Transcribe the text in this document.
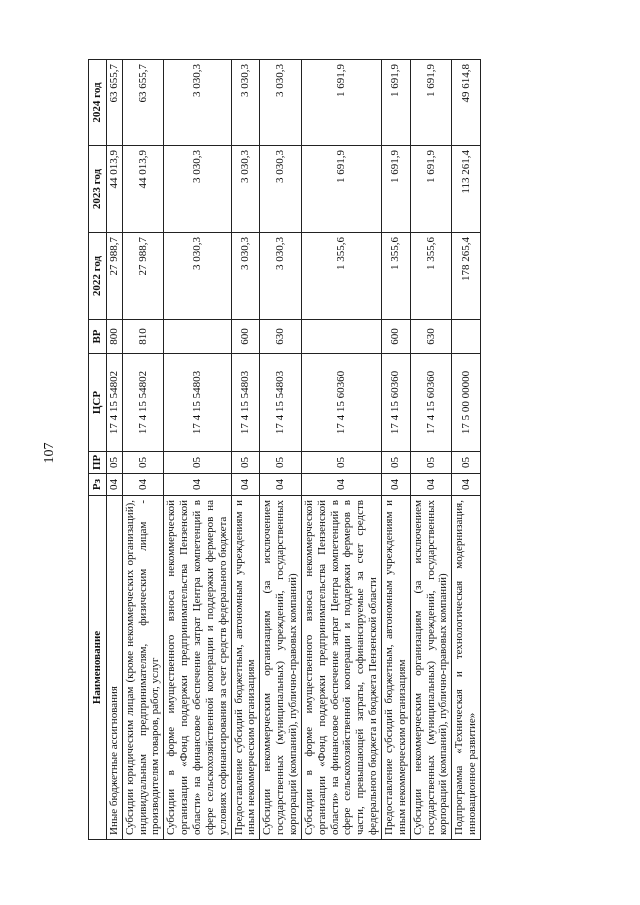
107
Наименование	Рз	ПР	ЦСР	ВР	2022 год	2023 год	2024 год
Иные бюджетные ассигнования	04	05	17 4 15 54802	800	27 988,7	44 013,9	63 655,7
Субсидии юридическим лицам (кроме некоммерческих организаций), индивидуальным предпринимателям, физическим лицам - производителям товаров, работ, услуг	04	05	17 4 15 54802	810	27 988,7	44 013,9	63 655,7
Субсидии в форме имущественного взноса некоммерческой организации «Фонд поддержки предпринимательства Пензенской области» на финансовое обеспечение затрат Центра компетенций в сфере сельскохозяйственной кооперации и поддержки фермеров на условиях софинансирования за счет средств федерального бюджета	04	05	17 4 15 54803		3 030,3	3 030,3	3 030,3
Предоставление субсидий бюджетным, автономным учреждениям и иным некоммерческим организациям	04	05	17 4 15 54803	600	3 030,3	3 030,3	3 030,3
Субсидии некоммерческим организациям (за исключением государственных (муниципальных) учреждений, государственных корпораций (компаний), публично-правовых компаний)	04	05	17 4 15 54803	630	3 030,3	3 030,3	3 030,3
Субсидии в форме имущественного взноса некоммерческой организации «Фонд поддержки предпринимательства Пензенской области» на финансовое обеспечение затрат Центра компетенций в сфере сельскохозяйственной кооперации и поддержки фермеров в части, превышающей затраты, софинансируемые за счет средств федерального бюджета и бюджета Пензенской области	04	05	17 4 15 60360		1 355,6	1 691,9	1 691,9
Предоставление субсидий бюджетным, автономным учреждениям и иным некоммерческим организациям	04	05	17 4 15 60360	600	1 355,6	1 691,9	1 691,9
Субсидии некоммерческим организациям (за исключением государственных (муниципальных) учреждений, государственных корпораций (компаний), публично-правовых компаний)	04	05	17 4 15 60360	630	1 355,6	1 691,9	1 691,9
Подпрограмма «Техническая и технологическая модернизация, инновационное развитие»	04	05	17 5 00 00000		178 265,4	113 261,4	49 614,8
